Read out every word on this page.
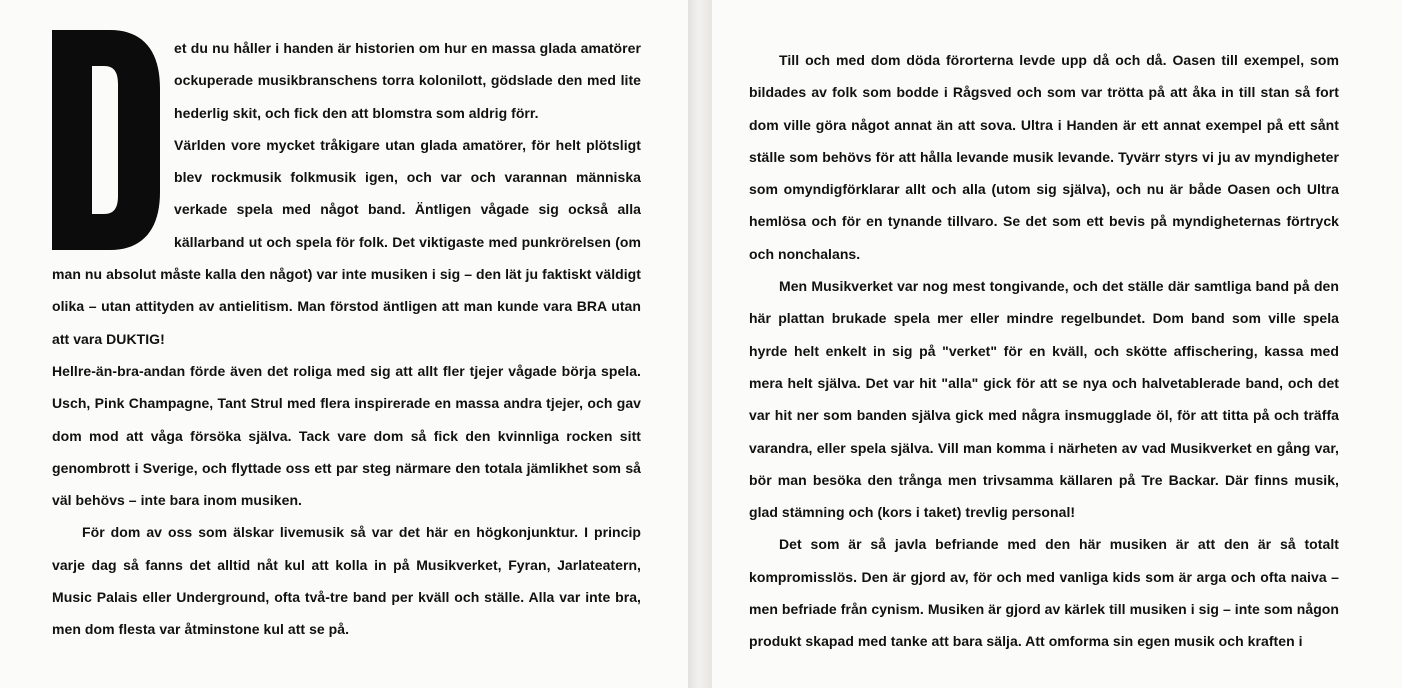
et du nu håller i handen är historien om hur en massa glada amatörer ockuperade musikbranschens torra kolonilott, gödslade den med lite hederlig skit, och fick den att blomstra som aldrig förr.

Världen vore mycket tråkigare utan glada amatörer, för helt plötsligt blev rockmusik folkmusik igen, och var och varannan människa verkade spela med något band. Äntligen vågade sig också alla källarband ut och spela för folk. Det viktigaste med punkrörelsen (om man nu absolut måste kalla den något) var inte musiken i sig – den lät ju faktiskt väldigt olika – utan attityden av antielitism. Man förstod äntligen att man kunde vara BRA utan att vara DUKTIG!

Hellre-än-bra-andan förde även det roliga med sig att allt fler tjejer vågade börja spela. Usch, Pink Champagne, Tant Strul med flera inspirerade en massa andra tjejer, och gav dom mod att våga försöka själva. Tack vare dom så fick den kvinnliga rocken sitt genombrott i Sverige, och flyttade oss ett par steg närmare den totala jämlikhet som så väl behövs – inte bara inom musiken.

För dom av oss som älskar livemusik så var det här en högkonjunktur. I princip varje dag så fanns det alltid nåt kul att kolla in på Musikverket, Fyran, Jarlateatern, Music Palais eller Underground, ofta två-tre band per kväll och ställe. Alla var inte bra, men dom flesta var åtminstone kul att se på.

Till och med dom döda förorterna levde upp då och då. Oasen till exempel, som bildades av folk som bodde i Rågsved och som var trötta på att åka in till stan så fort dom ville göra något annat än att sova. Ultra i Handen är ett annat exempel på ett sånt ställe som behövs för att hålla levande musik levande. Tyvärr styrs vi ju av myndigheter som omyndigförklarar allt och alla (utom sig själva), och nu är både Oasen och Ultra hemlösa och för en tynande tillvaro. Se det som ett bevis på myndigheternas förtryck och nonchalans.

Men Musikverket var nog mest tongivande, och det ställe där samtliga band på den här plattan brukade spela mer eller mindre regelbundet. Dom band som ville spela hyrde helt enkelt in sig på "verket" för en kväll, och skötte affischering, kassa med mera helt själva. Det var hit "alla" gick för att se nya och halvetablerade band, och det var hit ner som banden själva gick med några insmugglade öl, för att titta på och träffa varandra, eller spela själva. Vill man komma i närheten av vad Musikverket en gång var, bör man besöka den trånga men trivsamma källaren på Tre Backar. Där finns musik, glad stämning och (kors i taket) trevlig personal!

Det som är så javla befriande med den här musiken är att den är så totalt kompromisslös. Den är gjord av, för och med vanliga kids som är arga och ofta naiva – men befriade från cynism. Musiken är gjord av kärlek till musiken i sig – inte som någon produkt skapad med tanke att bara sälja. Att omforma sin egen musik och kraften i
